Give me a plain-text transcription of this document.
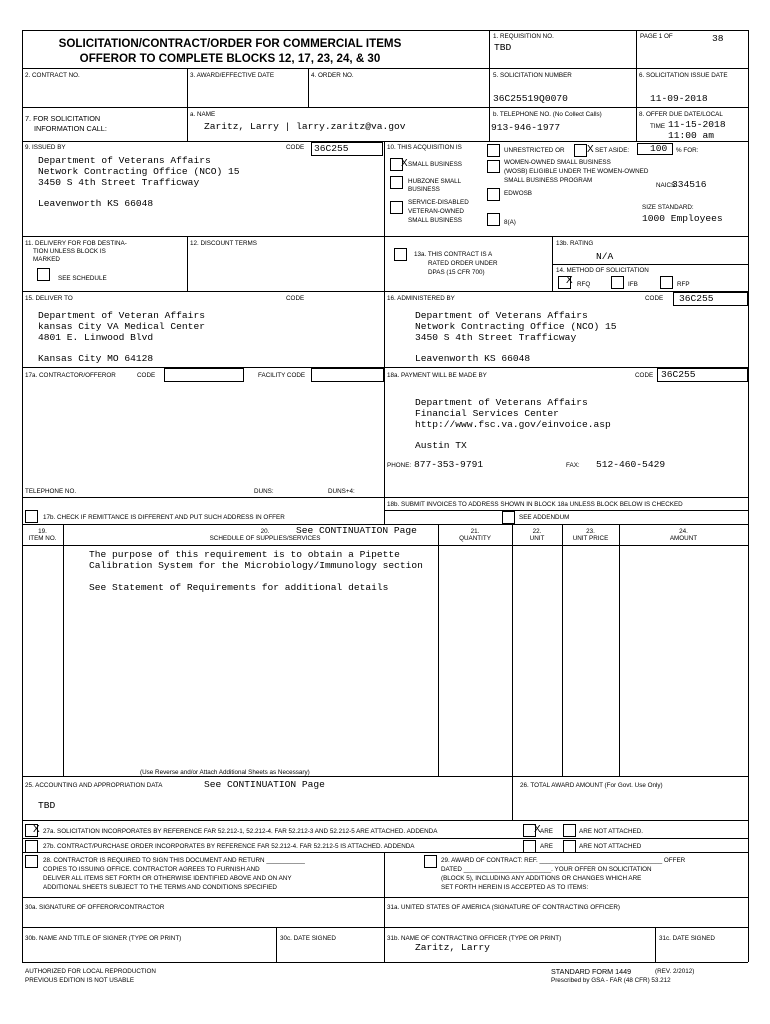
SOLICITATION/CONTRACT/ORDER FOR COMMERCIAL ITEMS
OFFEROR TO COMPLETE BLOCKS 12, 17, 23, 24, & 30
1. REQUISITION NO.
TBD
PAGE 1 OF	38
2. CONTRACT NO.	3. AWARD/EFFECTIVE DATE	4. ORDER NO.	5. SOLICITATION NUMBER
36C25519Q0070
6. SOLICITATION ISSUE DATE
11-09-2018
7. FOR SOLICITATION
INFORMATION CALL:
a. NAME
Zaritz, Larry | larry.zaritz@va.gov
b. TELEPHONE NO. (No Collect Calls)
913-946-1977
8. OFFER DUE DATE/LOCAL
TIME 11-15-2018
11:00 am
9. ISSUED BY	CODE 36C255
Department of Veterans Affairs
Network Contracting Office (NCO) 15
3450 S 4th Street Trafficway
Leavenworth KS 66048
10. THIS ACQUISITION IS	UNRESTRICTED OR X SET ASIDE: 100 % FOR:
X SMALL BUSINESS
HUBZONE SMALL
BUSINESS
SERVICE-DISABLED
VETERAN-OWNED
SMALL BUSINESS
WOMEN-OWNED SMALL BUSINESS
(WOSB) ELIGIBLE UNDER THE WOMEN-OWNED
SMALL BUSINESS PROGRAM
EDWOSB
8(A)
NAICS:
334516
SIZE STANDARD:
1000 Employees
11. DELIVERY FOR FOB DESTINA-
TION UNLESS BLOCK IS
MARKED
SEE SCHEDULE
12. DISCOUNT TERMS
13a. THIS CONTRACT IS A
RATED ORDER UNDER
DPAS (15 CFR 700)
13b. RATING
N/A
14. METHOD OF SOLICITATION
X RFQ	IFB	RFP
15. DELIVER TO	CODE
Department of Veteran Affairs
kansas City VA Medical Center
4801 E. Linwood Blvd
Kansas City MO 64128
16. ADMINISTERED BY	CODE 36C255
Department of Veterans Affairs
Network Contracting Office (NCO) 15
3450 S 4th Street Trafficway
Leavenworth KS 66048
17a. CONTRACTOR/OFFEROR	CODE	FACILITY CODE
TELEPHONE NO.	DUNS:	DUNS+4:
17b. CHECK IF REMITTANCE IS DIFFERENT AND PUT SUCH ADDRESS IN OFFER
18a. PAYMENT WILL BE MADE BY	CODE 36C255
Department of Veterans Affairs
Financial Services Center
http://www.fsc.va.gov/einvoice.asp
Austin TX
PHONE: 877-353-9791	FAX: 512-460-5429
18b. SUBMIT INVOICES TO ADDRESS SHOWN IN BLOCK 18a UNLESS BLOCK BELOW IS CHECKED
SEE ADDENDUM
19.
ITEM NO.
20.
SCHEDULE OF SUPPLIES/SERVICES
See CONTINUATION Page	21.
QUANTITY
22.
UNIT
23.
UNIT PRICE
24.
AMOUNT
The purpose of this requirement is to obtain a Pipette
Calibration System for the Microbiology/Immunology section
See Statement of Requirements for additional details
(Use Reverse and/or Attach Additional Sheets as Necessary)
25. ACCOUNTING AND APPROPRIATION DATA	See CONTINUATION Page
TBD
26. TOTAL AWARD AMOUNT (For Govt. Use Only)
X 27a. SOLICITATION INCORPORATES BY REFERENCE FAR 52.212-1, 52.212-4. FAR 52.212-3 AND 52.212-5 ARE ATTACHED. ADDENDA	X ARE	ARE NOT ATTACHED.
27b. CONTRACT/PURCHASE ORDER INCORPORATES BY REFERENCE FAR 52.212-4. FAR 52.212-5 IS ATTACHED. ADDENDA	ARE	ARE NOT ATTACHED
28. CONTRACTOR IS REQUIRED TO SIGN THIS DOCUMENT AND RETURN ___________
COPIES TO ISSUING OFFICE. CONTRACTOR AGREES TO FURNISH AND
DELIVER ALL ITEMS SET FORTH OR OTHERWISE IDENTIFIED ABOVE AND ON ANY
ADDITIONAL SHEETS SUBJECT TO THE TERMS AND CONDITIONS SPECIFIED
29. AWARD OF CONTRACT: REF. ___________________________________ OFFER
DATED _________________________. YOUR OFFER ON SOLICITATION
(BLOCK 5), INCLUDING ANY ADDITIONS OR CHANGES WHICH ARE
SET FORTH HEREIN IS ACCEPTED AS TO ITEMS:
30a. SIGNATURE OF OFFEROR/CONTRACTOR	31a. UNITED STATES OF AMERICA (SIGNATURE OF CONTRACTING OFFICER)
30b. NAME AND TITLE OF SIGNER (TYPE OR PRINT)	30c. DATE SIGNED	31b. NAME OF CONTRACTING OFFICER (TYPE OR PRINT)
Zaritz, Larry
31c. DATE SIGNED
AUTHORIZED FOR LOCAL REPRODUCTION
PREVIOUS EDITION IS NOT USABLE
STANDARD FORM 1449	(REV. 2/2012)
Prescribed by GSA - FAR (48 CFR) 53.212
